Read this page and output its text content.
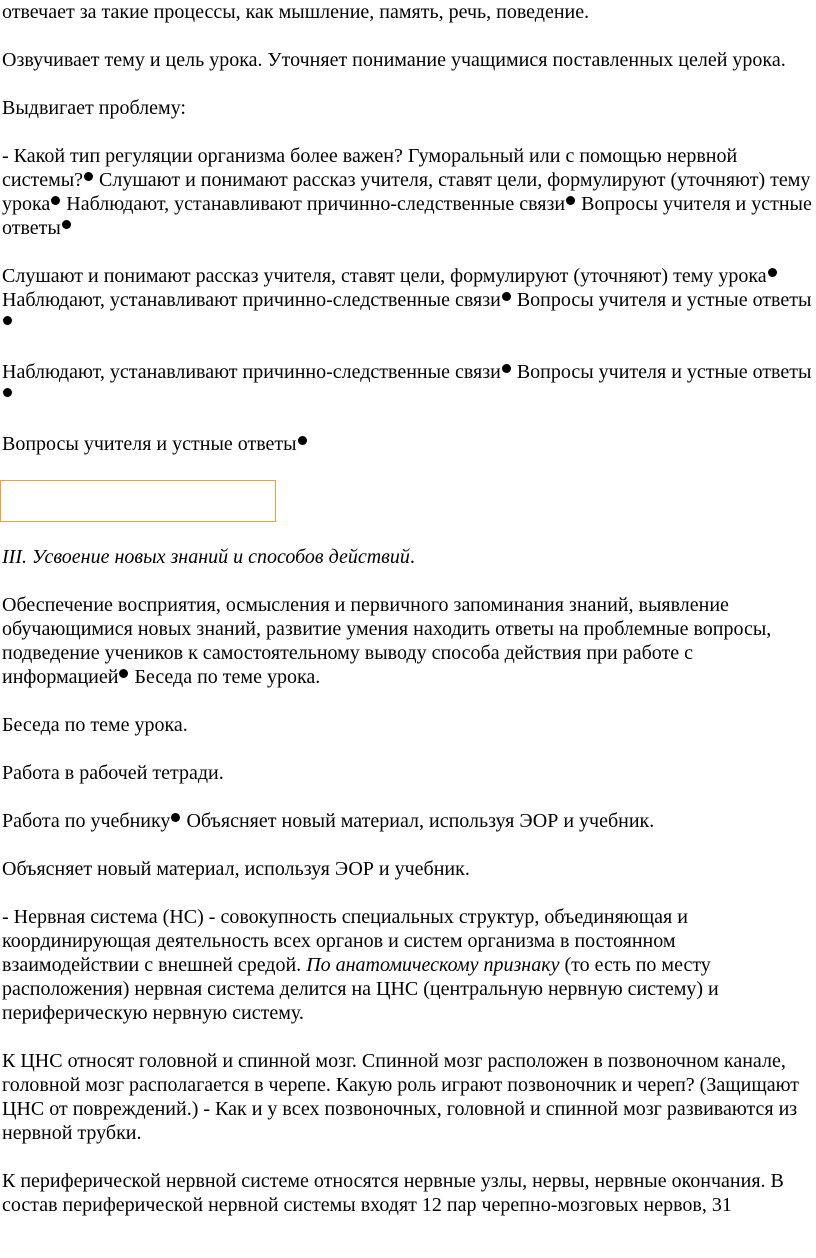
отвечает за такие процессы, как мышление, память, речь, поведение.

Озвучивает тему и цель урока. Уточняет понимание учащимися поставленных целей урока.

Выдвигает проблему:

- Какой тип регуляции организма более важен? Гуморальный или с помощью нервной системы? Слушают и понимают рассказ учителя, ставят цели, формулируют (уточняют) тему урока Наблюдают, устанавливают причинно-следственные связи Вопросы учителя и устные ответы

Слушают и понимают рассказ учителя, ставят цели, формулируют (уточняют) тему урока Наблюдают, устанавливают причинно-следственные связи Вопросы учителя и устные ответы

Наблюдают, устанавливают причинно-следственные связи Вопросы учителя и устные ответы

Вопросы учителя и устные ответы

III. Усвоение новых знаний и способов действий.

Обеспечение восприятия, осмысления и первичного запоминания знаний, выявление обучающимися новых знаний, развитие умения находить ответы на проблемные вопросы, подведение учеников к самостоятельному выводу способа действия при работе с информацией Беседа по теме урока.

Беседа по теме урока.

Работа в рабочей тетради.

Работа по учебнику Объясняет новый материал, используя ЭОР и учебник.

Объясняет новый материал, используя ЭОР и учебник.

- Нервная система (НС) - совокупность специальных структур, объединяющая и координирующая деятельность всех органов и систем организма в постоянном взаимодействии с внешней средой. По анатомическому признаку (то есть по месту расположения) нервная система делится на ЦНС (центральную нервную систему) и периферическую нервную систему.

К ЦНС относят головной и спинной мозг. Спинной мозг расположен в позвоночном канале, головной мозг располагается в черепе. Какую роль играют позвоночник и череп? (Защищают ЦНС от повреждений.) - Как и у всех позвоночных, головной и спинной мозг развиваются из нервной трубки.

К периферической нервной системе относятся нервные узлы, нервы, нервные окончания. В состав периферической нервной системы входят 12 пар черепно-мозговых нервов, 31
